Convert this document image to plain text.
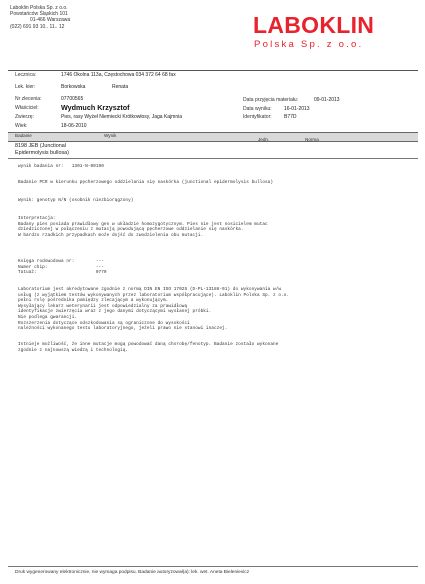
Laboklin Polska Sp. z o.o.
Powstańców Śląskich 101
01-466 Warszawa
(022) 691 93 10.. 11.. 12	LABOKLIN
Polska Sp. z o.o.
Lecznica:	1746 Okolna 113a, Częstochowa 034 372 64 68 fax
Lek. kier:	Borkowska	Renata
Nr zlecenia:	07700565
Właściciel:	Wydmuch Krzysztof
Zwierzę:	Pies, rasy Wyżeł Niemiecki Krótkowłosy, Jaga Kajmnia
Wiek:	18-06-2010
Data przyjęcia materiału:	09-01-2013
Data wyniku: 16-01-2013
Identyfikator: B77D
Badanie	Wynik
Jedn.	Norma
8198 JEB (Junctional
Epidermolysis bullosa)
wynik badania nr:   1301-N-00190
Badanie PCR w kierunku pęcherzowego oddzielania się naskórka (junctional epidermolysis bullosa)
Wynik: genotyp N/N (osobnik niezbiorągzony)
Interpretacja:
Badany pies posiada prawidłowy gen w układzie homozygotycznym. Pies nie jest nosicielem mutac
dziedziczonej w połączeniu z mutacją powodującą pęcherzowe oddzielanie się naskórka.
W bardzo rzadkich przypadkach może dojść do zwodzielenia obu mutacji.
Księga rodowodowa nr:        ---
Numer chip:                  ---
Tatuaż:                      0770
Laboratorium jest akredytowane zgodnie z normą DIN EN ISO 17025 (D-PL-13186-01) do wykonywania w/w
usług (z wyjątkiem testów wykonywanych przez laboratorium współpracujące). Laboklin Polska Sp. z o.o.
pełni rolę pośrednika pomiędzy zlecającym a wykonującym.
Wysyłający lekarz weterynarii jest odpowiedzialny za prawidłową
identyfikacje zwierzęcia wraz z jego danymi dotyczącymi wysłanej próbki.
Nie podlega gwarancji.
Rozszerzenia dotyczące odszkodowania są ograniczone do wysokości
należności wykonanego testu laboratoryjnego, jeżeli prawo nie stanowi inaczej.
Istnieje możliwość, że inne mutacje mogą powodować daną chorobę/fenotyp. Badanie zostało wykonane
zgodnie z najnowszą wiedzą i technologią.
Druk wygenerowany elektronicznie, nie wymaga podpisu. Badanie autoryzował(a): lek. wet. Aneta Bielenievicz
